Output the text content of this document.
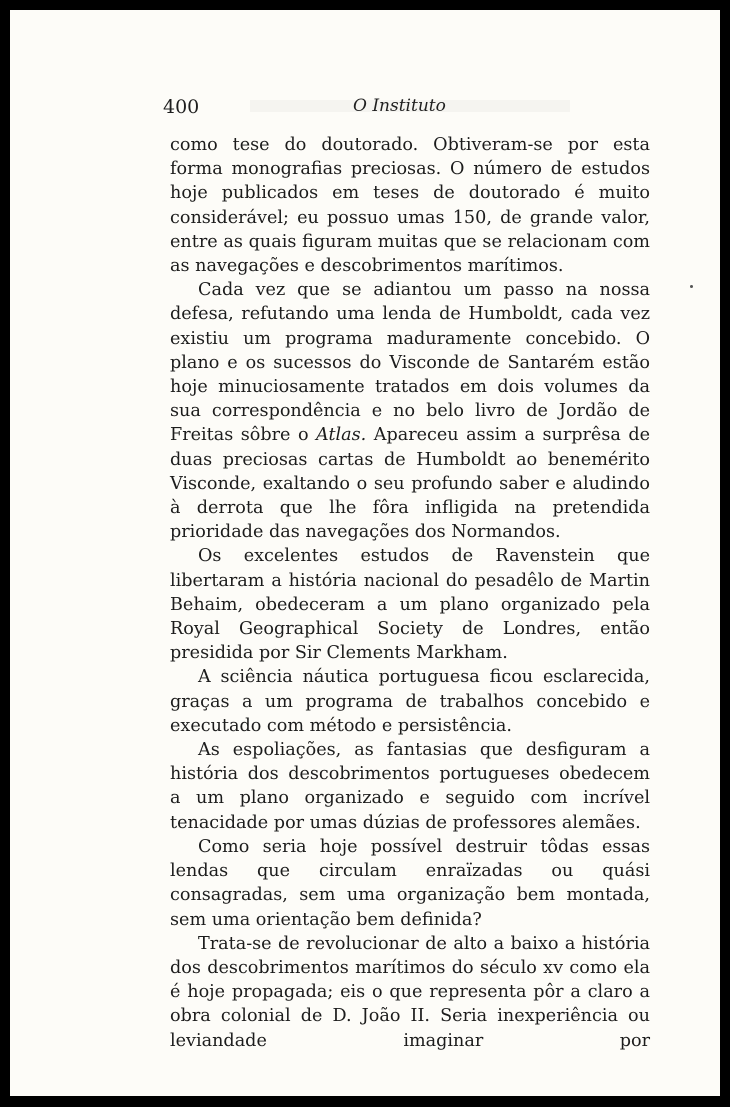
400	O Instituto

como tese do doutorado. Obtiveram-se por esta forma monografias preciosas. O número de estudos hoje publicados em teses de doutorado é muito considerável; eu possuo umas 150, de grande valor, entre as quais figuram muitas que se relacionam com as navegações e descobrimentos marítimos.

Cada vez que se adiantou um passo na nossa defesa, refutando uma lenda de Humboldt, cada vez existiu um programa maduramente concebido. O plano e os sucessos do Visconde de Santarém estão hoje minuciosamente tratados em dois volumes da sua correspondência e no belo livro de Jordão de Freitas sôbre o Atlas. Apareceu assim a surprêsa de duas preciosas cartas de Humboldt ao benemérito Visconde, exaltando o seu profundo saber e aludindo à derrota que lhe fôra infligida na pretendida prioridade das navegações dos Normandos.

Os excelentes estudos de Ravenstein que libertaram a história nacional do pesadêlo de Martin Behaim, obedeceram a um plano organizado pela Royal Geographical Society de Londres, então presidida por Sir Clements Markham.

A sciência náutica portuguesa ficou esclarecida, graças a um programa de trabalhos concebido e executado com método e persistência.

As espoliações, as fantasias que desfiguram a história dos descobrimentos portugueses obedecem a um plano organizado e seguido com incrível tenacidade por umas dúzias de professores alemães.

Como seria hoje possível destruir tôdas essas lendas que circulam enraïzadas ou quási consagradas, sem uma organização bem montada, sem uma orientação bem definida?

Trata-se de revolucionar de alto a baixo a história dos descobrimentos marítimos do século xv como ela é hoje propagada; eis o que representa pôr a claro a obra colonial de D. João II. Seria inexperiência ou leviandade imaginar por
